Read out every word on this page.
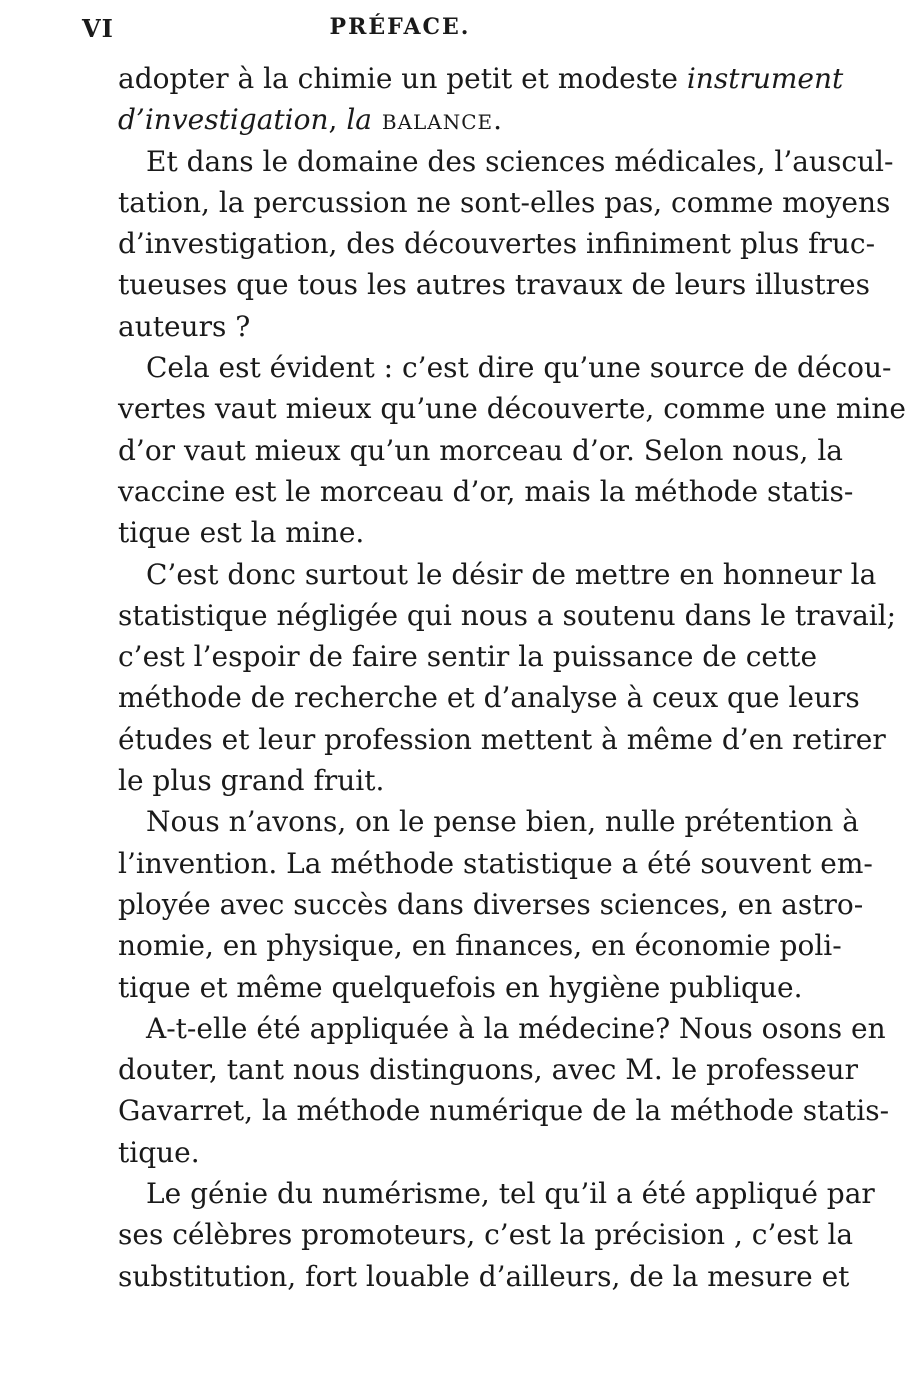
VI	PRÉFACE.
adopter à la chimie un petit et modeste instrument
d’investigation, la balance.
Et dans le domaine des sciences médicales, l’auscul-
tation, la percussion ne sont-elles pas, comme moyens
d’investigation, des découvertes infiniment plus fruc-
tueuses que tous les autres travaux de leurs illustres
auteurs ?
Cela est évident : c’est dire qu’une source de décou-
vertes vaut mieux qu’une découverte, comme une mine
d’or vaut mieux qu’un morceau d’or. Selon nous, la
vaccine est le morceau d’or, mais la méthode statis-
tique est la mine.
C’est donc surtout le désir de mettre en honneur la
statistique négligée qui nous a soutenu dans le travail;
c’est l’espoir de faire sentir la puissance de cette
méthode de recherche et d’analyse à ceux que leurs
études et leur profession mettent à même d’en retirer
le plus grand fruit.
Nous n’avons, on le pense bien, nulle prétention à
l’invention. La méthode statistique a été souvent em-
ployée avec succès dans diverses sciences, en astro-
nomie, en physique, en finances, en économie poli-
tique et même quelquefois en hygiène publique.
A-t-elle été appliquée à la médecine? Nous osons en
douter, tant nous distinguons, avec M. le professeur
Gavarret, la méthode numérique de la méthode statis-
tique.
Le génie du numérisme, tel qu’il a été appliqué par
ses célèbres promoteurs, c’est la précision , c’est la
substitution, fort louable d’ailleurs, de la mesure et
